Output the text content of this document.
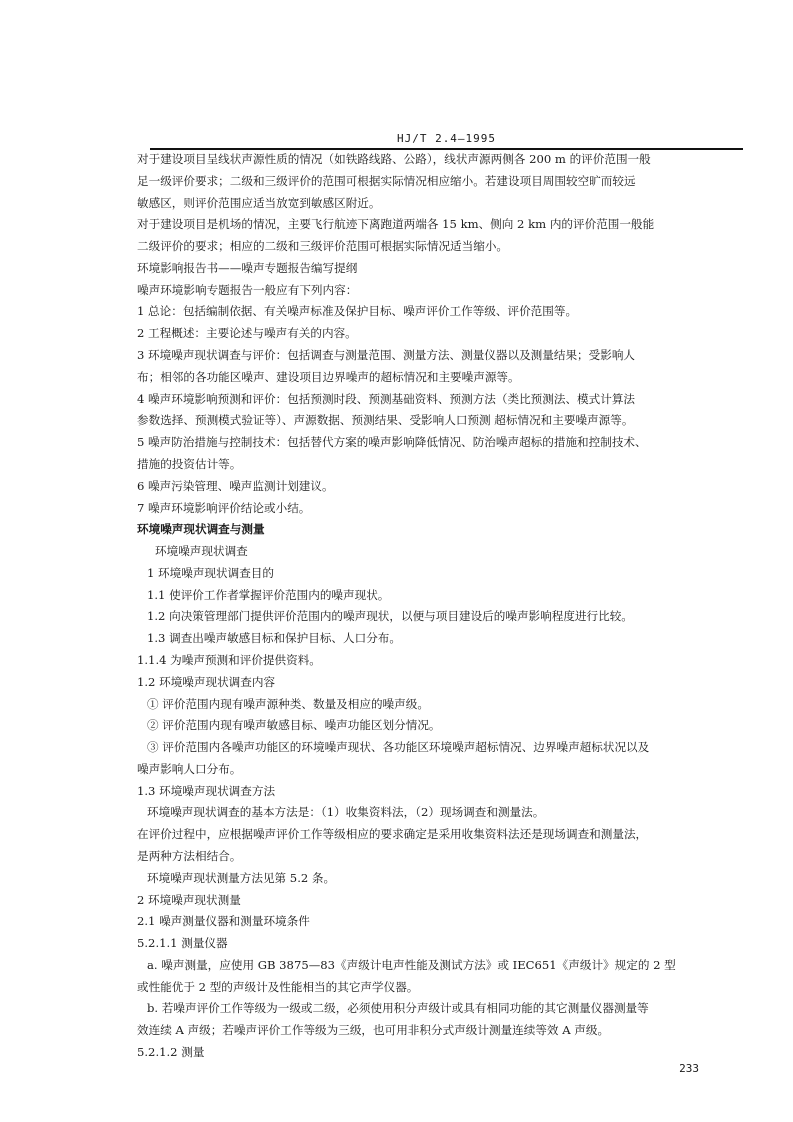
HJ/T 2.4—1995
对于建设项目呈线状声源性质的情况（如铁路线路、公路），线状声源两侧各 200 m 的评价范围一般
足一级评价要求；二级和三级评价的范围可根据实际情况相应缩小。若建设项目周围较空旷而较远
敏感区，则评价范围应适当放宽到敏感区附近。
对于建设项目是机场的情况，主要飞行航迹下离跑道两端各 15 km、侧向 2 km 内的评价范围一般能
二级评价的要求；相应的二级和三级评价范围可根据实际情况适当缩小。
环境影响报告书——噪声专题报告编写提纲
噪声环境影响专题报告一般应有下列内容：
1 总论：包括编制依据、有关噪声标准及保护目标、噪声评价工作等级、评价范围等。
2 工程概述：主要论述与噪声有关的内容。
3 环境噪声现状调查与评价：包括调查与测量范围、测量方法、测量仪器以及测量结果；受影响人
布；相邻的各功能区噪声、建设项目边界噪声的超标情况和主要噪声源等。
4 噪声环境影响预测和评价：包括预测时段、预测基础资料、预测方法（类比预测法、模式计算法
参数选择、预测模式验证等）、声源数据、预测结果、受影响人口预测 超标情况和主要噪声源等。
5 噪声防治措施与控制技术：包括替代方案的噪声影响降低情况、防治噪声超标的措施和控制技术、
措施的投资估计等。
6 噪声污染管理、噪声监测计划建议。
7 噪声环境影响评价结论或小结。
环境噪声现状调查与测量
环境噪声现状调查
1 环境噪声现状调查目的
1.1 使评价工作者掌握评价范围内的噪声现状。
1.2 向决策管理部门提供评价范围内的噪声现状，以便与项目建设后的噪声影响程度进行比较。
1.3 调查出噪声敏感目标和保护目标、人口分布。
1.1.4 为噪声预测和评价提供资料。
1.2 环境噪声现状调查内容
① 评价范围内现有噪声源种类、数量及相应的噪声级。
② 评价范围内现有噪声敏感目标、噪声功能区划分情况。
③ 评价范围内各噪声功能区的环境噪声现状、各功能区环境噪声超标情况、边界噪声超标状况以及
噪声影响人口分布。
1.3 环境噪声现状调查方法
环境噪声现状调查的基本方法是：（1）收集资料法，（2）现场调查和测量法。
在评价过程中，应根据噪声评价工作等级相应的要求确定是采用收集资料法还是现场调查和测量法，
是两种方法相结合。
环境噪声现状测量方法见第 5.2 条。
2 环境噪声现状测量
2.1 噪声测量仪器和测量环境条件
5.2.1.1 测量仪器
a. 噪声测量，应使用 GB 3875—83《声级计电声性能及测试方法》或 IEC651《声级计》规定的 2 型
或性能优于 2 型的声级计及性能相当的其它声学仪器。
b. 若噪声评价工作等级为一级或二级，必须使用积分声级计或具有相同功能的其它测量仪器测量等
效连续 A 声级；若噪声评价工作等级为三级，也可用非积分式声级计测量连续等效 A 声级。
5.2.1.2 测量
233
